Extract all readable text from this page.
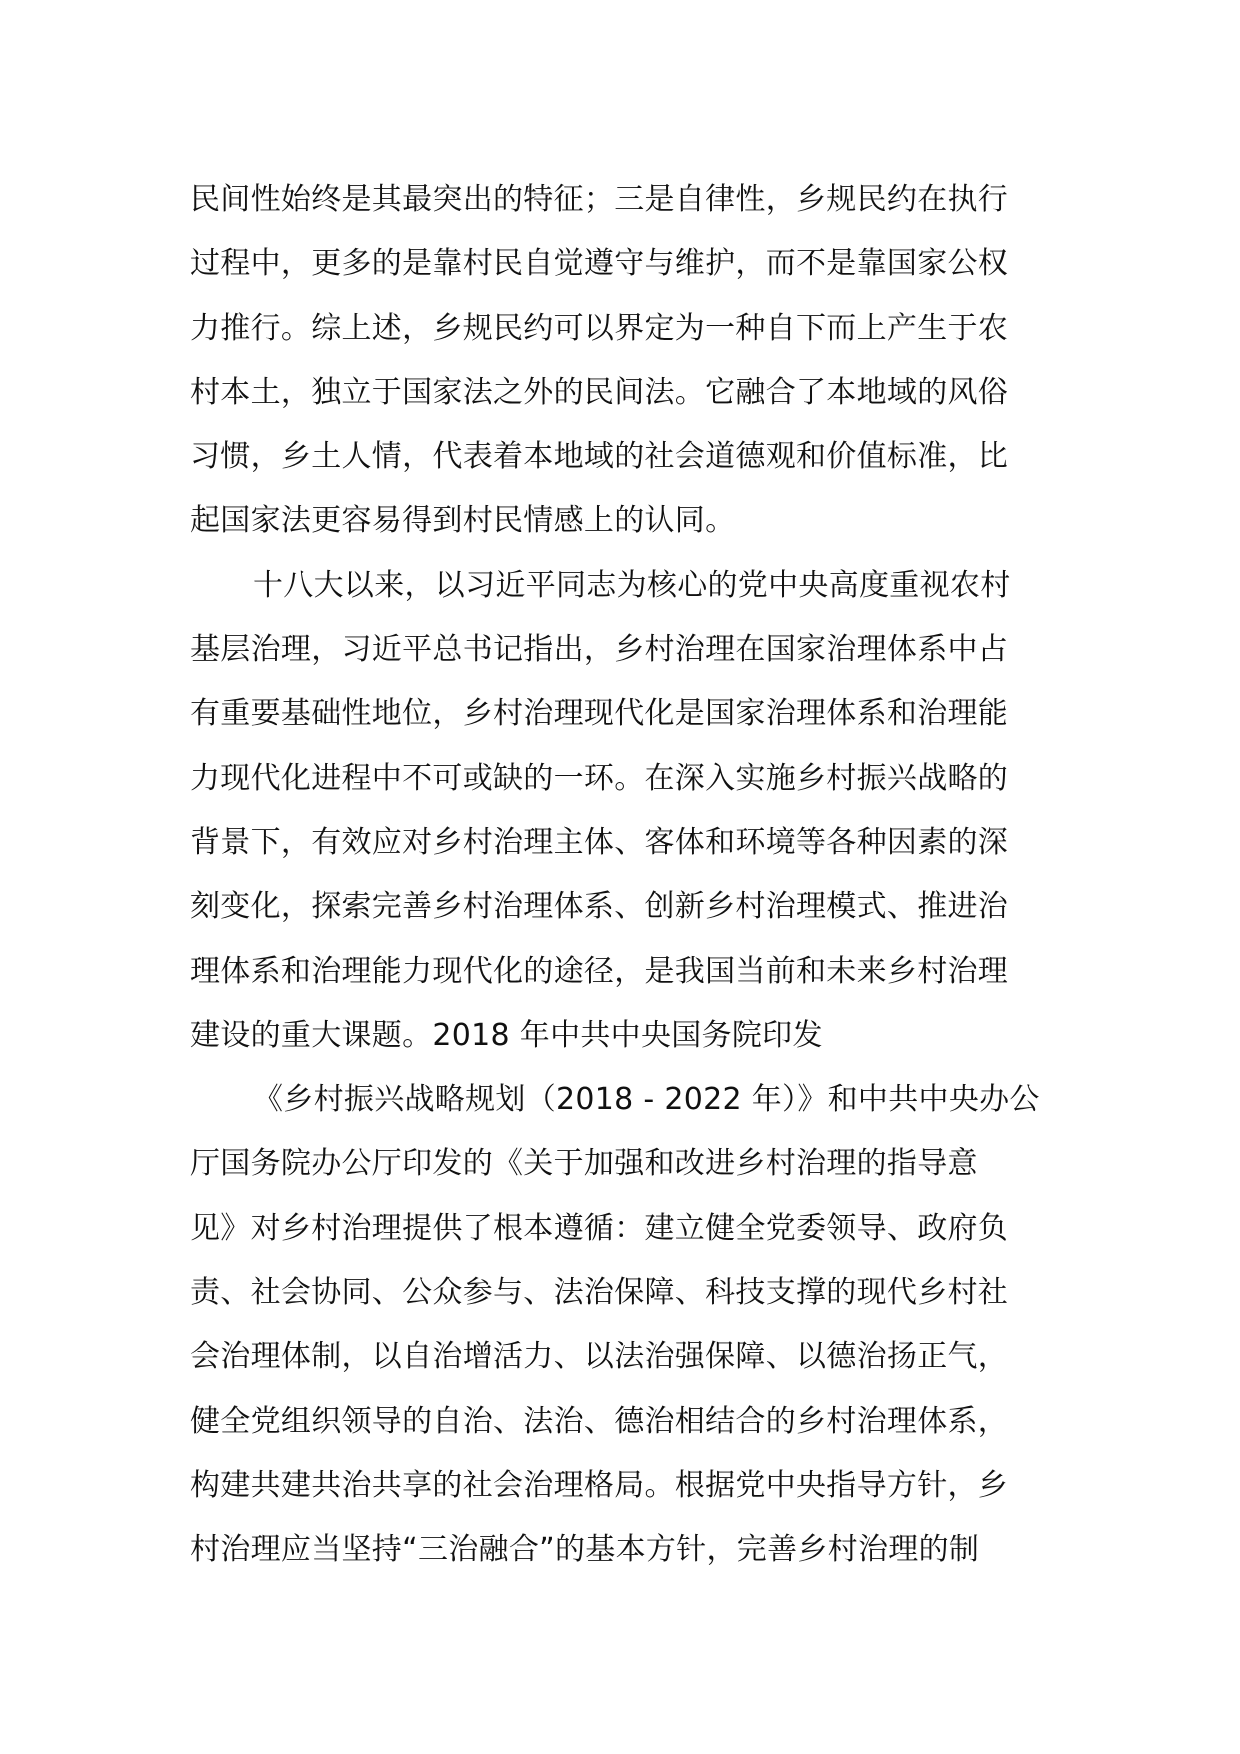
民间性始终是其最突出的特征；三是自律性，乡规民约在执行
过程中，更多的是靠村民自觉遵守与维护，而不是靠国家公权
力推行。综上述，乡规民约可以界定为一种自下而上产生于农
村本土，独立于国家法之外的民间法。它融合了本地域的风俗
习惯，乡土人情，代表着本地域的社会道德观和价值标准，比
起国家法更容易得到村民情感上的认同。
十八大以来，以习近平同志为核心的党中央高度重视农村
基层治理，习近平总书记指出，乡村治理在国家治理体系中占
有重要基础性地位，乡村治理现代化是国家治理体系和治理能
力现代化进程中不可或缺的一环。在深入实施乡村振兴战略的
背景下，有效应对乡村治理主体、客体和环境等各种因素的深
刻变化，探索完善乡村治理体系、创新乡村治理模式、推进治
理体系和治理能力现代化的途径，是我国当前和未来乡村治理
建设的重大课题。2018 年中共中央国务院印发
《乡村振兴战略规划（2018 - 2022 年）》和中共中央办公
厅国务院办公厅印发的《关于加强和改进乡村治理的指导意
见》对乡村治理提供了根本遵循：建立健全党委领导、政府负
责、社会协同、公众参与、法治保障、科技支撑的现代乡村社
会治理体制，以自治增活力、以法治强保障、以德治扬正气，
健全党组织领导的自治、法治、德治相结合的乡村治理体系，
构建共建共治共享的社会治理格局。根据党中央指导方针，乡
村治理应当坚持“三治融合”的基本方针，完善乡村治理的制
